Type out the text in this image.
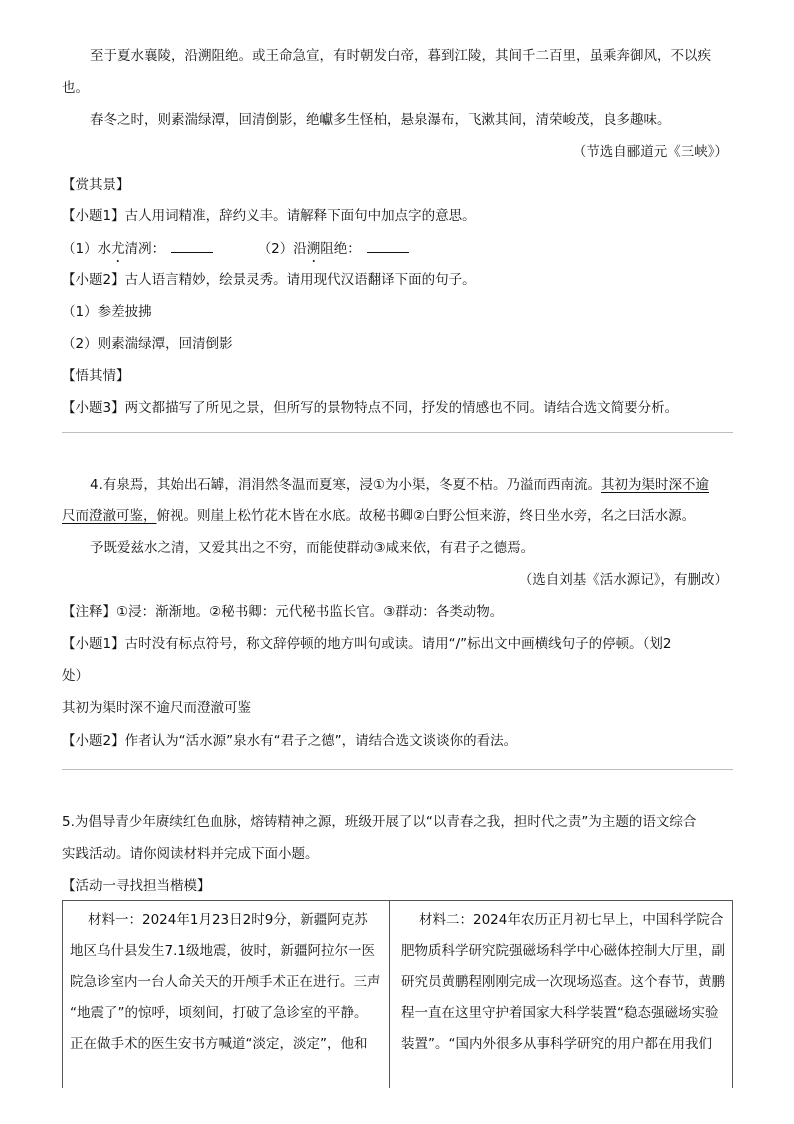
至于夏水襄陵，沿溯阻绝。或王命急宣，有时朝发白帝，暮到江陵，其间千二百里，虽乘奔御风，不以疾
也。
春冬之时，则素湍绿潭，回清倒影，绝巘多生怪柏，悬泉瀑布，飞漱其间，清荣峻茂，良多趣味。
（节选自郦道元《三峡》）
【赏其景】
【小题1】古人用词精准，辞约义丰。请解释下面句中加点字的意思。
（1）水尤清冽：	（2）沿溯阻绝：
【小题2】古人语言精妙，绘景灵秀。请用现代汉语翻译下面的句子。
（1）参差披拂
（2）则素湍绿潭，回清倒影
【悟其情】
【小题3】两文都描写了所见之景，但所写的景物特点不同，抒发的情感也不同。请结合选文简要分析。
4.有泉焉，其始出石罅，涓涓然冬温而夏寒，浸①为小渠，冬夏不枯。乃溢而西南流。其初为渠时深不逾
尺而澄澈可鉴，俯视。则崖上松竹花木皆在水底。故秘书卿②白野公恒来游，终日坐水旁，名之曰活水源。
予既爱兹水之清，又爱其出之不穷，而能使群动③咸来依，有君子之德焉。
（选自刘基《活水源记》，有删改）
【注释】①浸：渐渐地。②秘书卿：元代秘书监长官。③群动：各类动物。
【小题1】古时没有标点符号，称文辞停顿的地方叫句或读。请用“/”标出文中画横线句子的停顿。（划2
处）
其初为渠时深不逾尺而澄澈可鉴
【小题2】作者认为“活水源”泉水有“君子之德”，请结合选文谈谈你的看法。
5.为倡导青少年赓续红色血脉，熔铸精神之源，班级开展了以“以青春之我，担时代之责”为主题的语文综合
实践活动。请你阅读材料并完成下面小题。
【活动一寻找担当楷模】
材料一：2024年1月23日2时9分，新疆阿克苏
地区乌什县发生7.1级地震，彼时，新疆阿拉尔一医
院急诊室内一台人命关天的开颅手术正在进行。三声
“地震了”的惊呼，顷刻间，打破了急诊室的平静。
正在做手术的医生安书方喊道“淡定，淡定”，他和
材料二：2024年农历正月初七早上，中国科学院合
肥物质科学研究院强磁场科学中心磁体控制大厅里，副
研究员黄鹏程刚刚完成一次现场巡查。这个春节，黄鹏
程一直在这里守护着国家大科学装置“稳态强磁场实验
装置”。“国内外很多从事科学研究的用户都在用我们
